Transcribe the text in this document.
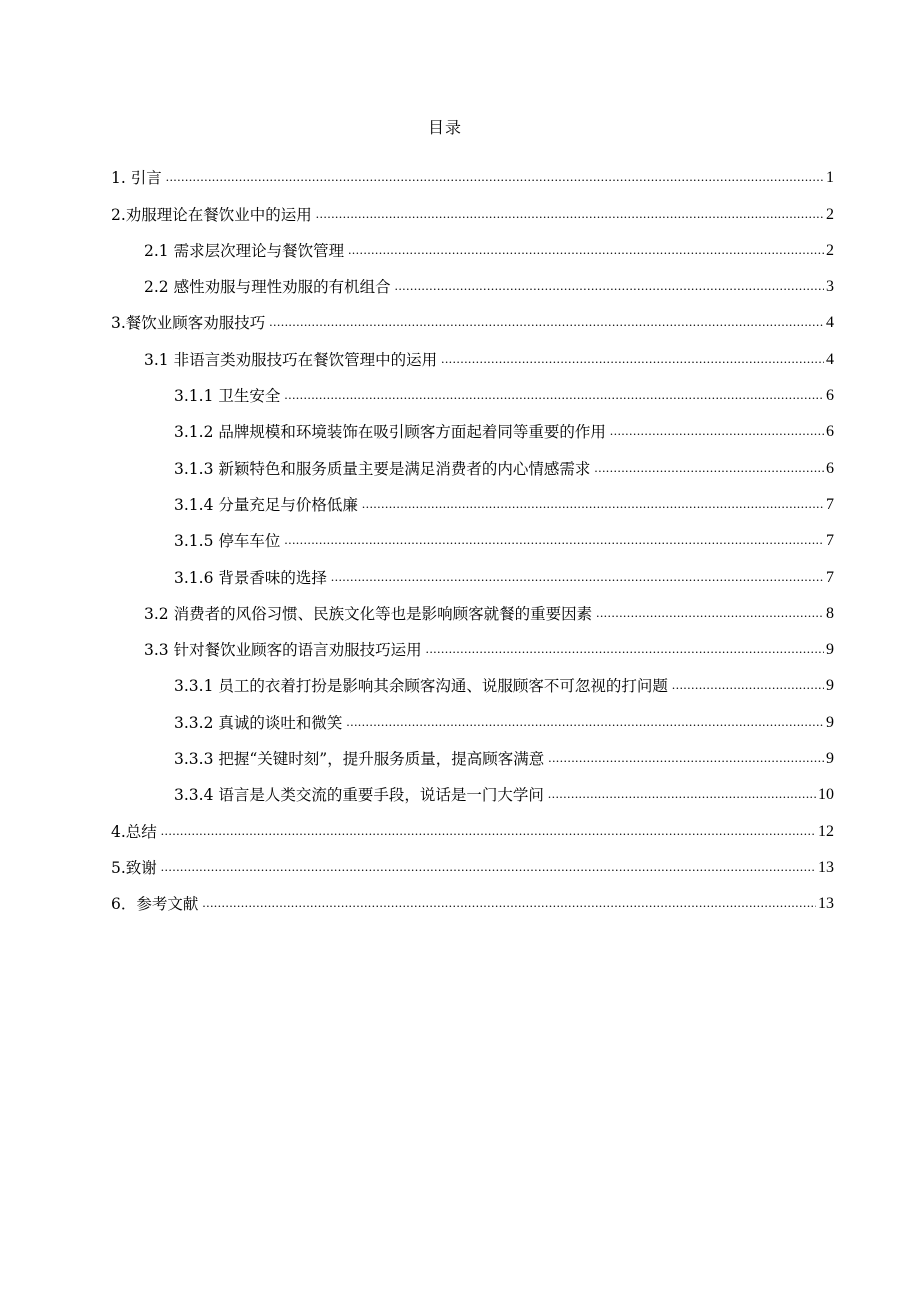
目录
1. 引言 .....	1
2.劝服理论在餐饮业中的运用 .....	2
2.1 需求层次理论与餐饮管理 .....	2
2.2 感性劝服与理性劝服的有机组合 .....	3
3.餐饮业顾客劝服技巧 .....	4
3.1 非语言类劝服技巧在餐饮管理中的运用 .....	4
3.1.1 卫生安全 .....	6
3.1.2 品牌规模和环境装饰在吸引顾客方面起着同等重要的作用 .....	6
3.1.3 新颖特色和服务质量主要是满足消费者的内心情感需求 .....	6
3.1.4 分量充足与价格低廉 .....	7
3.1.5 停车车位 .....	7
3.1.6 背景香味的选择 .....	7
3.2 消费者的风俗习惯、民族文化等也是影响顾客就餐的重要因素 .....	8
3.3 针对餐饮业顾客的语言劝服技巧运用 .....	9
3.3.1 员工的衣着打扮是影响其余顾客沟通、说服顾客不可忽视的打问题 .....	9
3.3.2 真诚的谈吐和微笑 .....	9
3.3.3 把握“关键时刻”，提升服务质量，提高顾客满意 .....	9
3.3.4 语言是人类交流的重要手段，说话是一门大学问 .....	10
4.总结 .....	12
5.致谢 .....	13
6．参考文献 .....	13
